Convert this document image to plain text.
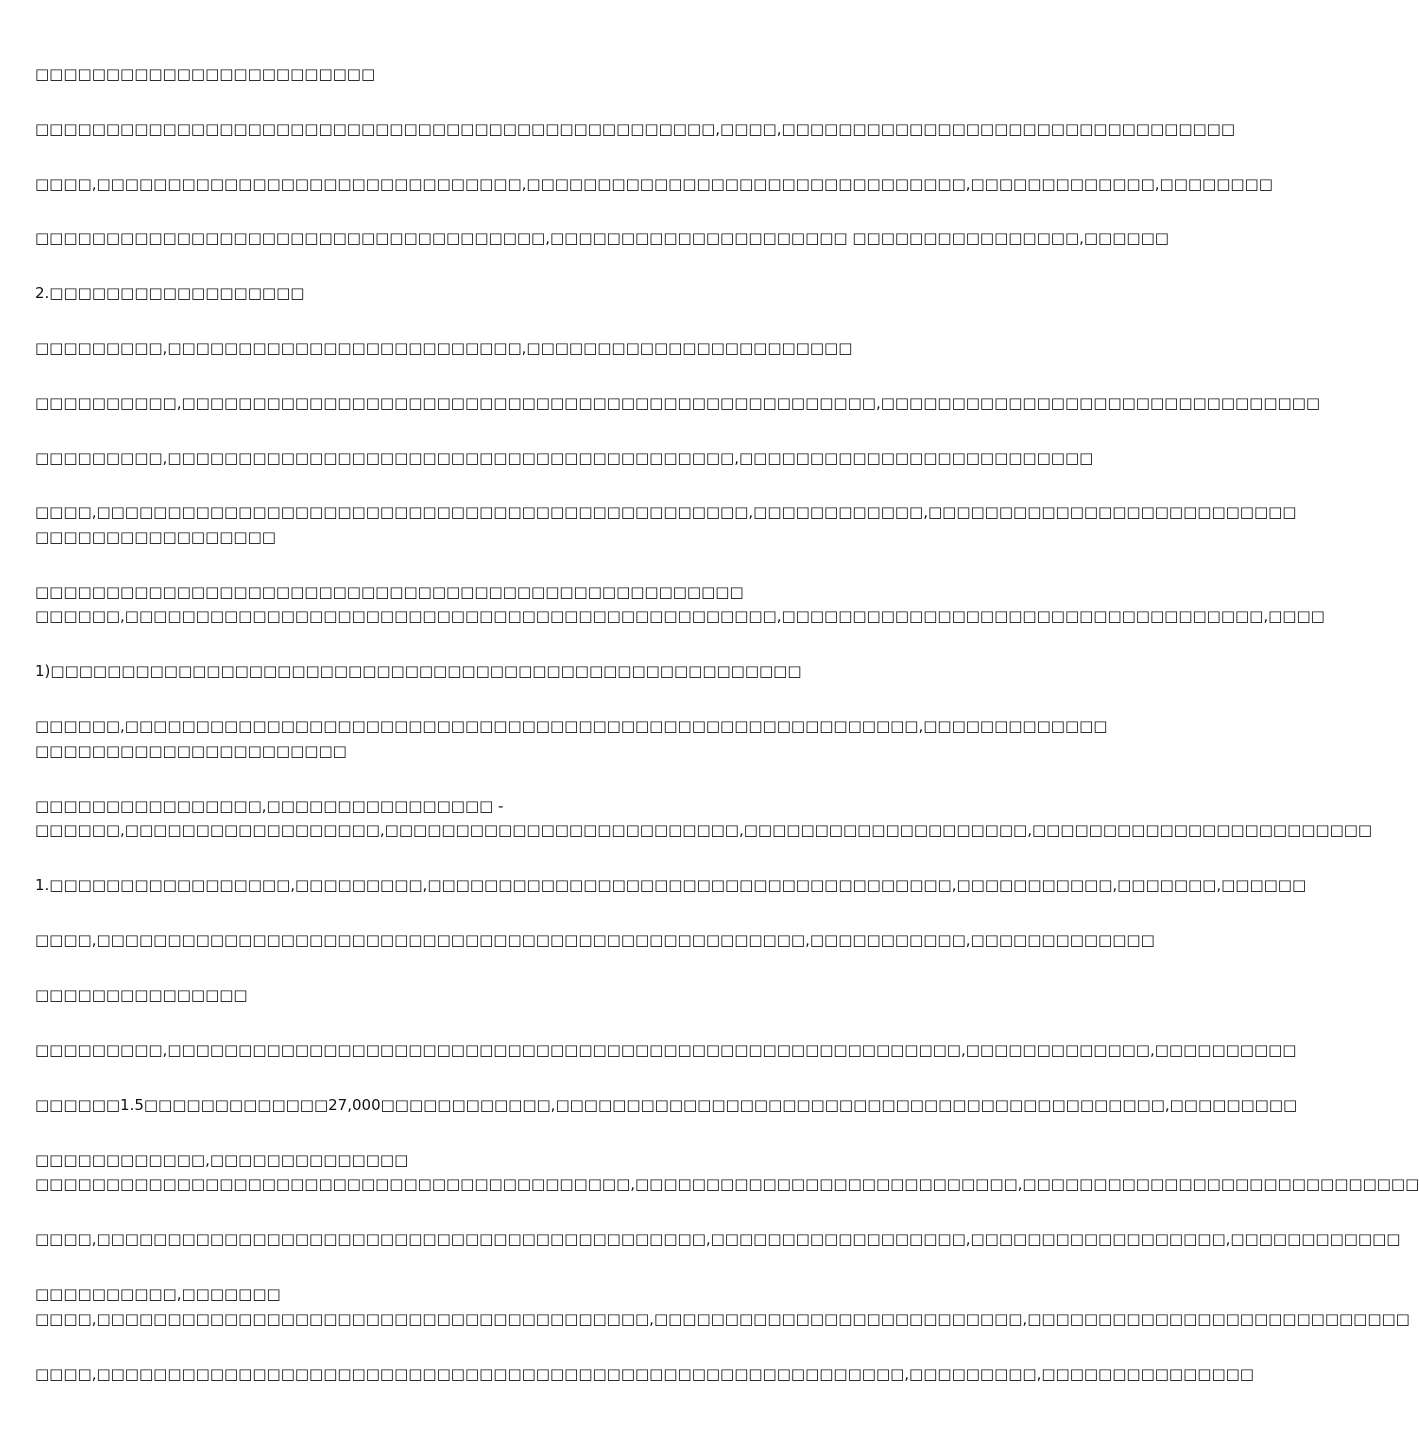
□□□□□□□□□□□□□□□□□□□□□□□□
□□□□□□□□□□□□□□□□□□□□□□□□□□□□□□□□□□□□□□□□□□□□□□□□,□□□□,□□□□□□□□□□□□□□□□□□□□□□□□□□□□□□□□
□□□□,□□□□□□□□□□□□□□□□□□□□□□□□□□□□□□,□□□□□□□□□□□□□□□□□□□□□□□□□□□□□□□,□□□□□□□□□□□□□,□□□□□□□□
□□□□□□□□□□□□□□□□□□□□□□□□□□□□□□□□□□□□,□□□□□□□□□□□□□□□□□□□□□ □□□□□□□□□□□□□□□□,□□□□□□
2.□□□□□□□□□□□□□□□□□□
□□□□□□□□□,□□□□□□□□□□□□□□□□□□□□□□□□□,□□□□□□□□□□□□□□□□□□□□□□□
□□□□□□□□□□,□□□□□□□□□□□□□□□□□□□□□□□□□□□□□□□□□□□□□□□□□□□□□□□□□,□□□□□□□□□□□□□□□□□□□□□□□□□□□□□□□
□□□□□□□□□,□□□□□□□□□□□□□□□□□□□□□□□□□□□□□□□□□□□□□□□□,□□□□□□□□□□□□□□□□□□□□□□□□□
□□□□,□□□□□□□□□□□□□□□□□□□□□□□□□□□□□□□□□□□□□□□□□□□□□□,□□□□□□□□□□□□,□□□□□□□□□□□□□□□□□□□□□□□□□□
□□□□□□□□□□□□□□□□□
□□□□□□□□□□□□□□□□□□□□□□□□□□□□□□□□□□□□□□□□□□□□□□□□□□
□□□□□□,□□□□□□□□□□□□□□□□□□□□□□□□□□□□□□□□□□□□□□□□□□□□□□,□□□□□□□□□□□□□□□□□□□□□□□□□□□□□□□□□□,□□□□
1)□□□□□□□□□□□□□□□□□□□□□□□□□□□□□□□□□□□□□□□□□□□□□□□□□□□□□
□□□□□□,□□□□□□□□□□□□□□□□□□□□□□□□□□□□□□□□□□□□□□□□□□□□□□□□□□□□□□□□,□□□□□□□□□□□□□
□□□□□□□□□□□□□□□□□□□□□□
□□□□□□□□□□□□□□□□,□□□□□□□□□□□□□□□□ -
□□□□□□,□□□□□□□□□□□□□□□□□□,□□□□□□□□□□□□□□□□□□□□□□□□□,□□□□□□□□□□□□□□□□□□□□,□□□□□□□□□□□□□□□□□□□□□□□□
1.□□□□□□□□□□□□□□□□□,□□□□□□□□□,□□□□□□□□□□□□□□□□□□□□□□□□□□□□□□□□□□□□□,□□□□□□□□□□□,□□□□□□□,□□□□□□
□□□□,□□□□□□□□□□□□□□□□□□□□□□□□□□□□□□□□□□□□□□□□□□□□□□□□□□,□□□□□□□□□□□,□□□□□□□□□□□□□
□□□□□□□□□□□□□□□
□□□□□□□□□,□□□□□□□□□□□□□□□□□□□□□□□□□□□□□□□□□□□□□□□□□□□□□□□□□□□□□□□□,□□□□□□□□□□□□□,□□□□□□□□□□
□□□□□□1.5□□□□□□□□□□□□□27,000□□□□□□□□□□□□,□□□□□□□□□□□□□□□□□□□□□□□□□□□□□□□□□□□□□□□□□□□,□□□□□□□□□
□□□□□□□□□□□□,□□□□□□□□□□□□□□
□□□□□□□□□□□□□□□□□□□□□□□□□□□□□□□□□□□□□□□□□□,□□□□□□□□□□□□□□□□□□□□□□□□□□□,□□□□□□□□□□□□□□□□□□□□□□□□□□□□
□□□□,□□□□□□□□□□□□□□□□□□□□□□□□□□□□□□□□□□□□□□□□□□□,□□□□□□□□□□□□□□□□□□,□□□□□□□□□□□□□□□□□□,□□□□□□□□□□□□
□□□□□□□□□□,□□□□□□□
□□□□,□□□□□□□□□□□□□□□□□□□□□□□□□□□□□□□□□□□□□□□,□□□□□□□□□□□□□□□□□□□□□□□□□□,□□□□□□□□□□□□□□□□□□□□□□□□□□□
□□□□,□□□□□□□□□□□□□□□□□□□□□□□□□□□□□□□□□□□□□□□□□□□□□□□□□□□□□□□□□,□□□□□□□□□,□□□□□□□□□□□□□□□
